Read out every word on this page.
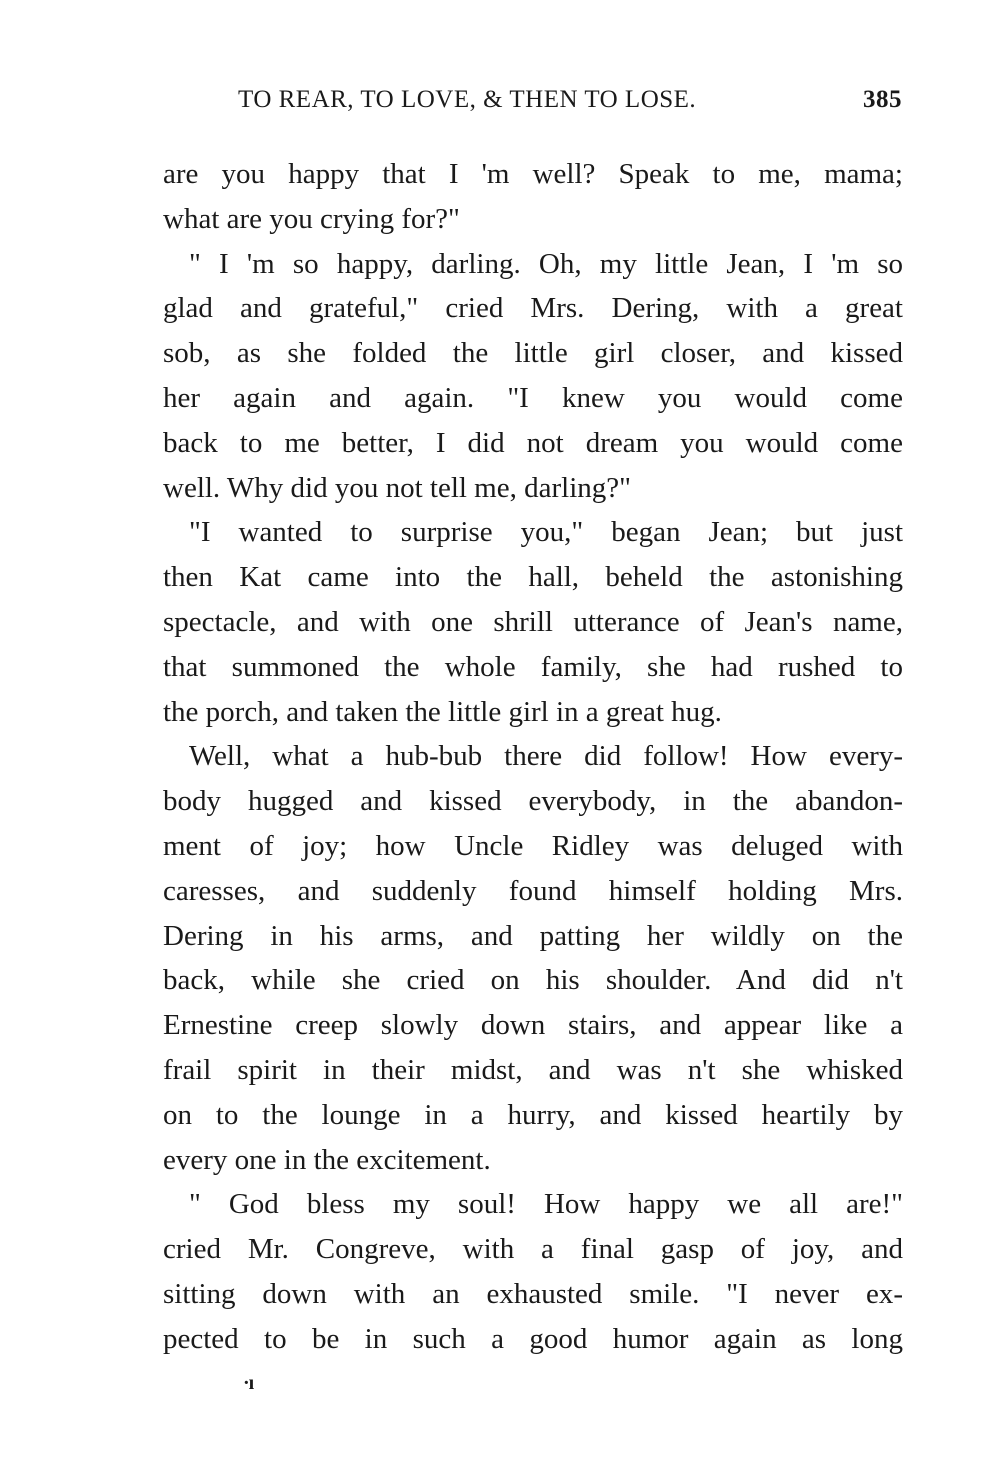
TO REAR, TO LOVE, & THEN TO LOSE.	385
are you happy that I 'm well? Speak to me, mama;
what are you crying for?"
" I 'm so happy, darling. Oh, my little Jean, I 'm so
glad and grateful," cried Mrs. Dering, with a great
sob, as she folded the little girl closer, and kissed
her again and again. "I knew you would come
back to me better, I did not dream you would come
well. Why did you not tell me, darling?"
"I wanted to surprise you," began Jean; but just
then Kat came into the hall, beheld the astonishing
spectacle, and with one shrill utterance of Jean's name,
that summoned the whole family, she had rushed to
the porch, and taken the little girl in a great hug.
Well, what a hub-bub there did follow! How every-
body hugged and kissed everybody, in the abandon-
ment of joy; how Uncle Ridley was deluged with
caresses, and suddenly found himself holding Mrs.
Dering in his arms, and patting her wildly on the
back, while she cried on his shoulder. And did n't
Ernestine creep slowly down stairs, and appear like a
frail spirit in their midst, and was n't she whisked
on to the lounge in a hurry, and kissed heartily by
every one in the excitement.
" God bless my soul! How happy we all are!"
cried Mr. Congreve, with a final gasp of joy, and
sitting down with an exhausted smile. "I never ex-
pected to be in such a good humor again as long
·ı
